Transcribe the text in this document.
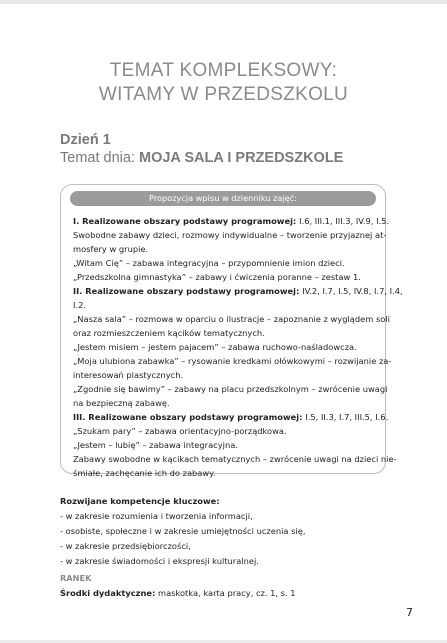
TEMAT KOMPLEKSOWY:
WITAMY W PRZEDSZKOLU
Dzień 1
Temat dnia: MOJA SALA I PRZEDSZKOLE
Propozycja wpisu w dzienniku zajęć:
I. Realizowane obszary podstawy programowej: I.6, III.1, III.3, IV.9, I.5.
Swobodne zabawy dzieci, rozmowy indywidualne – tworzenie przyjaznej at-
mosfery w grupie.
„Witam Cię” – zabawa integracyjna – przypomnienie imion dzieci.
„Przedszkolna gimnastyka” – zabawy i ćwiczenia poranne – zestaw 1.
II. Realizowane obszary podstawy programowej: IV.2, I.7, I.5, IV.8, I.7, I.4,
I.2.
„Nasza sala” – rozmowa w oparciu o ilustracje – zapoznanie z wyglądem soli
oraz rozmieszczeniem kącików tematycznych.
„Jestem misiem – jestem pajacem” – zabawa ruchowo-naśladowcza.
„Moja ulubiona zabawka” – rysowanie kredkami ołówkowymi – rozwijanie za-
interesowań plastycznych.
„Zgodnie się bawimy” – zabawy na placu przedszkolnym – zwrócenie uwagi
na bezpieczną zabawę.
III. Realizowane obszary podstawy programowej: I.5, II.3, I.7, III.5, I.6.
„Szukam pary” – zabawa orientacyjno-porządkowa.
„Jestem – lubię” – zabawa integracyjna.
Zabawy swobodne w kącikach tematycznych – zwrócenie uwagi na dzieci nie-
śmiałe, zachęcanie ich do zabawy.
Rozwijane kompetencje kluczowe:
- w zakresie rozumienia i tworzenia informacji,
- osobiste, społeczne i w zakresie umiejętności uczenia się,
- w zakresie przedsiębiorczości,
- w zakresie świadomości i ekspresji kulturalnej.
RANEK
Środki dydaktyczne: maskotka, karta pracy, cz. 1, s. 1
7
